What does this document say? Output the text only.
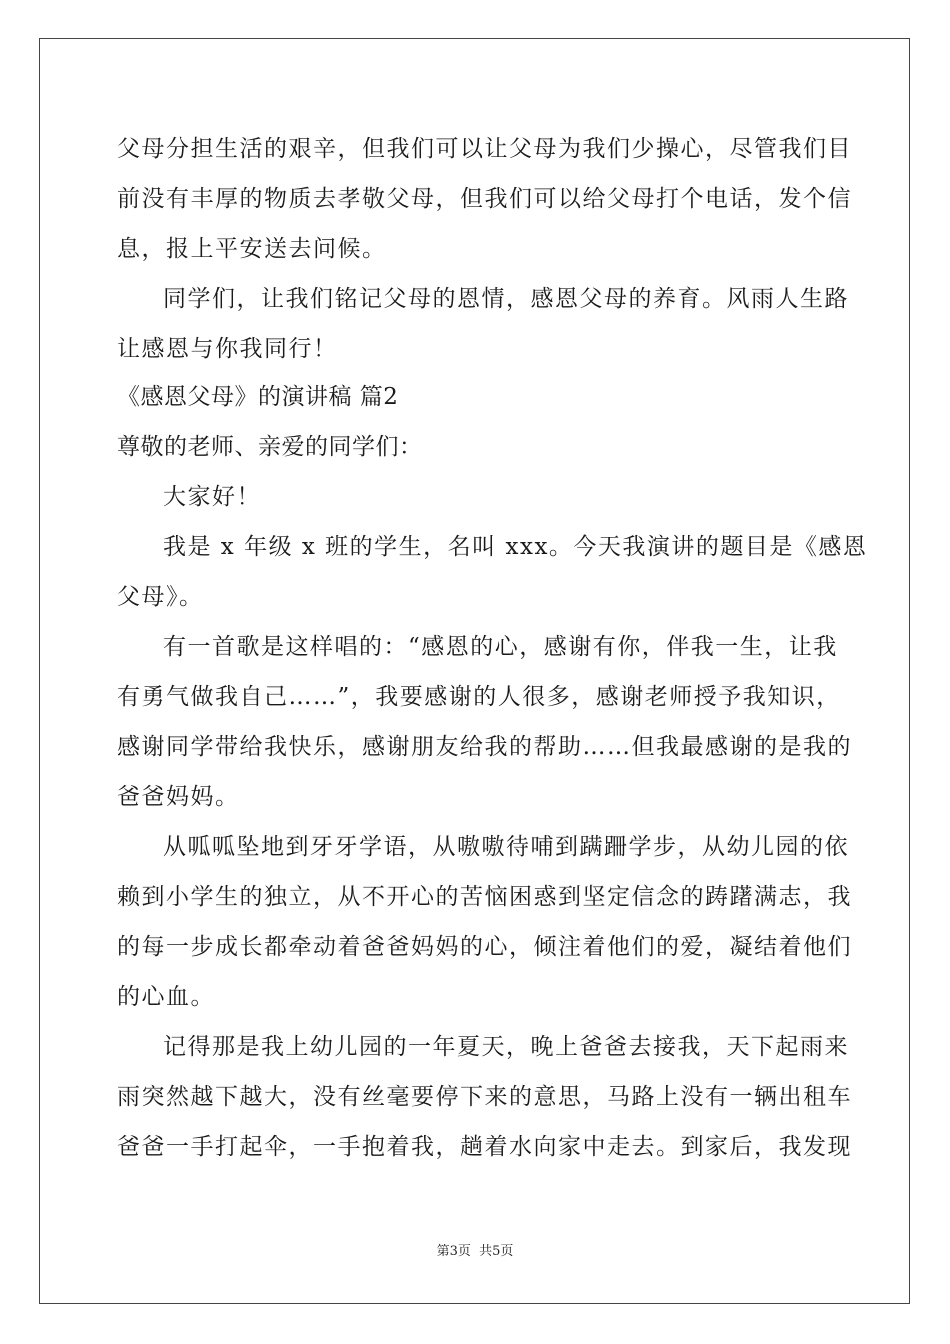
父母分担生活的艰辛，但我们可以让父母为我们少操心，尽管我们目
前没有丰厚的物质去孝敬父母，但我们可以给父母打个电话，发个信
息，报上平安送去问候。
同学们，让我们铭记父母的恩情，感恩父母的养育。风雨人生路
让感恩与你我同行！
《感恩父母》的演讲稿 篇2
尊敬的老师、亲爱的同学们：
大家好！
我是 x 年级 x 班的学生，名叫 xxx。今天我演讲的题目是《感恩
父母》。
有一首歌是这样唱的：“感恩的心，感谢有你，伴我一生，让我
有勇气做我自己……”，我要感谢的人很多，感谢老师授予我知识，
感谢同学带给我快乐，感谢朋友给我的帮助……但我最感谢的是我的
爸爸妈妈。
从呱呱坠地到牙牙学语，从嗷嗷待哺到蹒跚学步，从幼儿园的依
赖到小学生的独立，从不开心的苦恼困惑到坚定信念的踌躇满志，我
的每一步成长都牵动着爸爸妈妈的心，倾注着他们的爱，凝结着他们
的心血。
记得那是我上幼儿园的一年夏天，晚上爸爸去接我，天下起雨来
雨突然越下越大，没有丝毫要停下来的意思，马路上没有一辆出租车
爸爸一手打起伞，一手抱着我，趟着水向家中走去。到家后，我发现
第3页 共5页
